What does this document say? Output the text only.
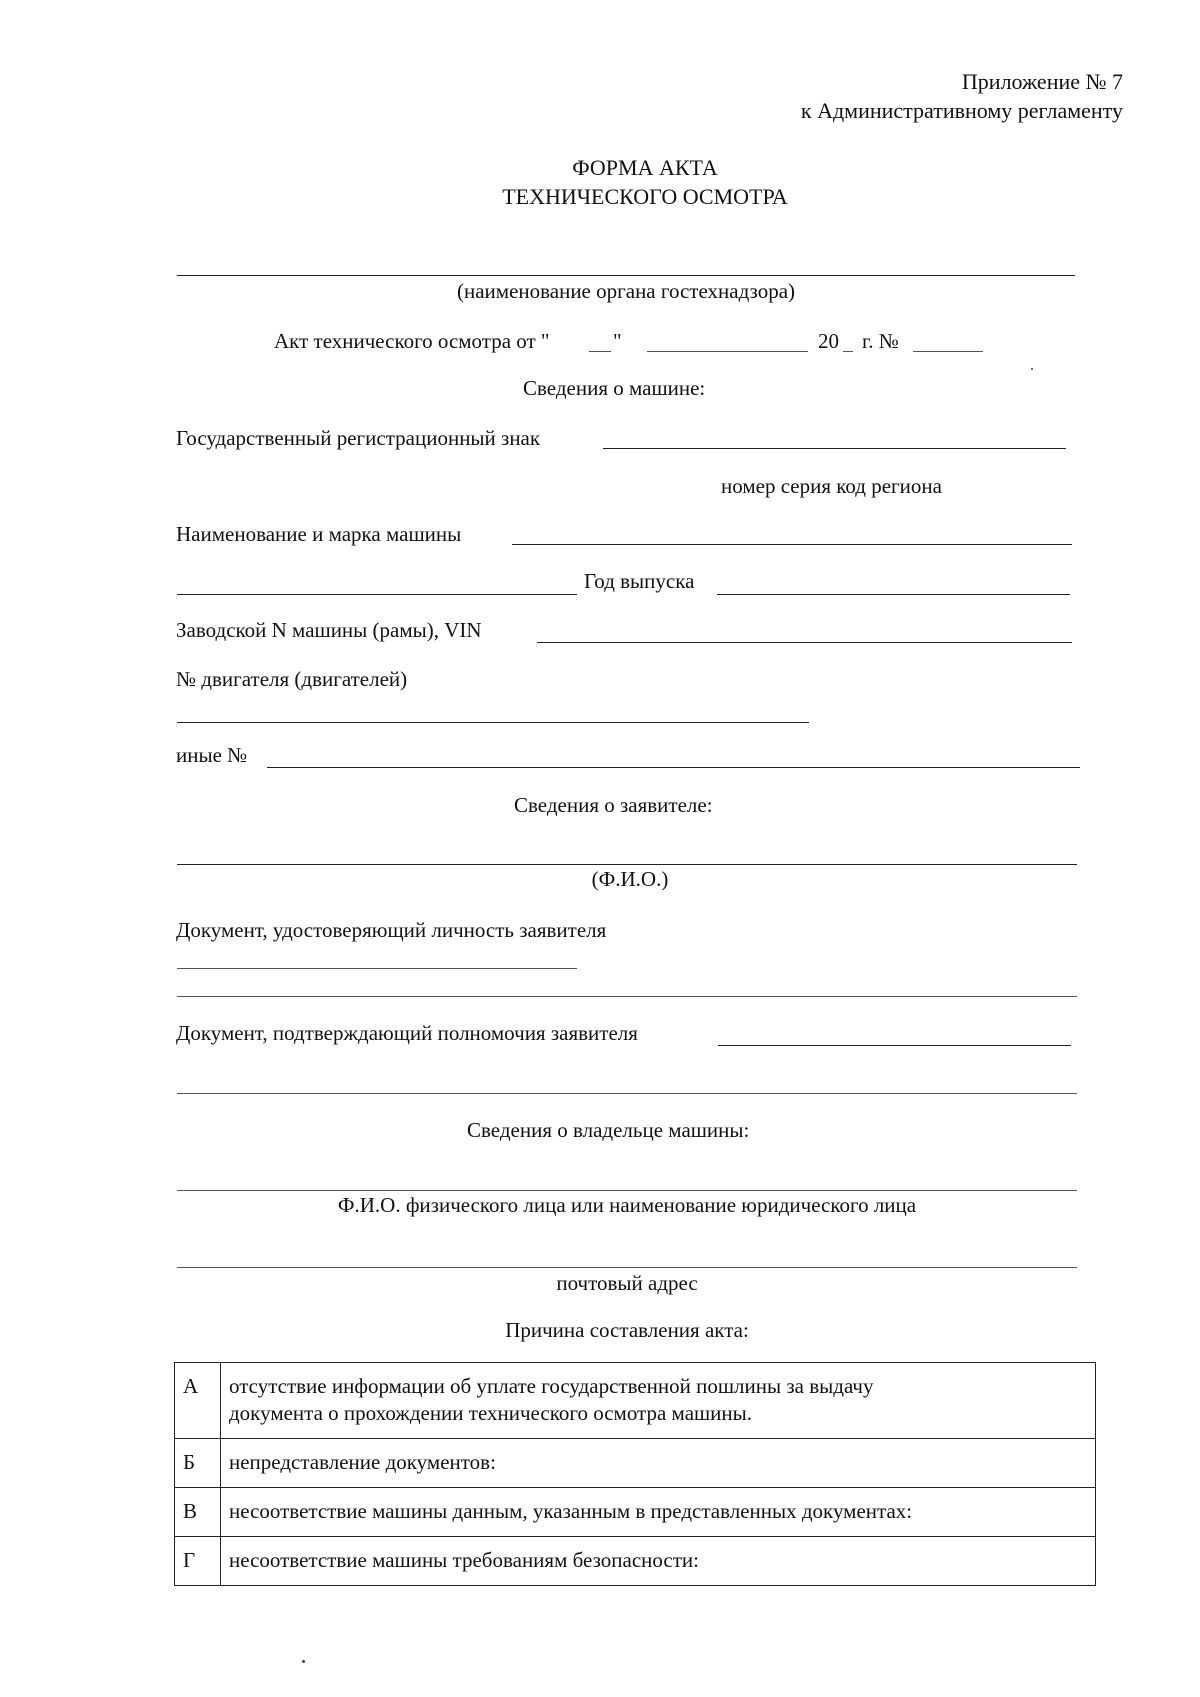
Приложение № 7
к Административному регламенту
ФОРМА АКТА
ТЕХНИЧЕСКОГО ОСМОТРА
(наименование органа гостехнадзора)
Акт технического осмотра от "	"	20 г. №
Сведения о машине:
Государственный регистрационный знак
номер серия код региона
Наименование и марка машины
Год выпуска
Заводской N машины (рамы), VIN
№ двигателя (двигателей)
иные №
Сведения о заявителе:
(Ф.И.О.)
Документ, удостоверяющий личность заявителя
Документ, подтверждающий полномочия заявителя
Сведения о владельце машины:
Ф.И.О. физического лица или наименование юридического лица
почтовый адрес
Причина составления акта:
А	отсутствие информации об уплате государственной пошлины за выдачу
документа о прохождении технического осмотра машины.

Б	непредставление документов:
В	несоответствие машины данным, указанным в представленных документах:
Г	несоответствие машины требованиям безопасности:
